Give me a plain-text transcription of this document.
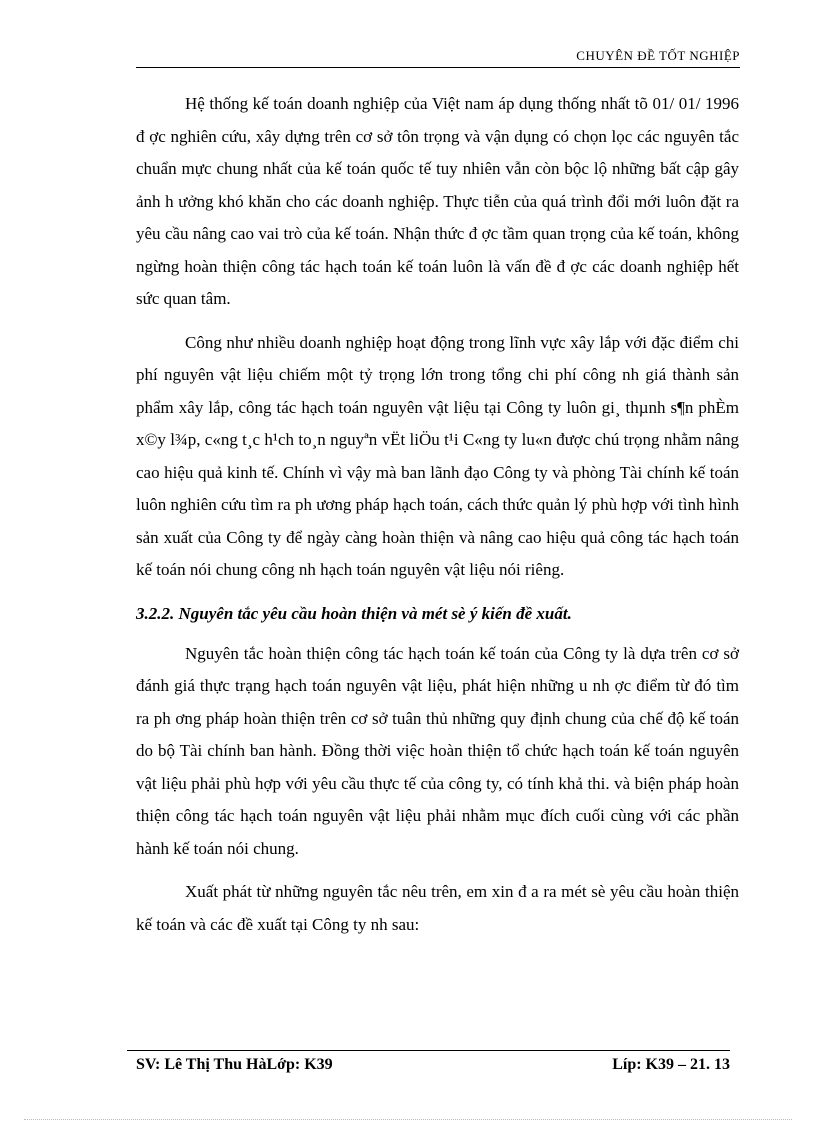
CHUYÊN ĐỀ TỐT NGHIỆP

Hệ thống kế toán doanh nghiệp của Việt nam áp dụng thống nhất tõ 01/ 01/ 1996 đ ợc nghiên cứu, xây dựng trên cơ sở tôn trọng và vận dụng có chọn lọc các nguyên tắc chuẩn mực chung nhất của kế toán quốc tế tuy nhiên vẫn còn bộc lộ những bất cập gây ảnh h ưởng khó khăn cho các doanh nghiệp. Thực tiễn của quá trình đổi mới luôn đặt ra yêu cầu nâng cao vai trò của kế toán. Nhận thức đ ợc tầm quan trọng của kế toán, không ngừng hoàn thiện công tác hạch toán kế toán luôn là vấn đề đ ợc các doanh nghiệp hết sức quan tâm.

Công như nhiều doanh nghiệp hoạt động trong lĩnh vực xây lắp với đặc điểm chi phí nguyên vật liệu chiếm một tỷ trọng lớn trong tổng chi phí công nh giá thành sản phẩm xây lắp, công tác hạch toán nguyên vật liệu tại Công ty luôn gi¸ thµnh s¶n phÈm x©y l¾p, c«ng t¸c h¹ch to¸n nguyªn vËt liÖu t¹i C«ng ty lu«n được chú trọng nhằm nâng cao hiệu quả kinh tế. Chính vì vậy mà ban lãnh đạo Công ty và phòng Tài chính kế toán luôn nghiên cứu tìm ra ph ương pháp hạch toán, cách thức quản lý phù hợp với tình hình sản xuất của Công ty để ngày càng hoàn thiện và nâng cao hiệu quả công tác hạch toán kế toán nói chung công nh hạch toán nguyên vật liệu nói riêng.

3.2.2. Nguyên tắc yêu cầu hoàn thiện và mét sè ý kiến đề xuất.

Nguyên tắc hoàn thiện công tác hạch toán kế toán của Công ty là dựa trên cơ sở đánh giá thực trạng hạch toán nguyên vật liệu, phát hiện những u nh ợc điểm từ đó tìm ra ph ơng pháp hoàn thiện trên cơ sở tuân thủ những quy định chung của chế độ kế toán do bộ Tài chính ban hành. Đồng thời việc hoàn thiện tổ chức hạch toán kế toán nguyên vật liệu phải phù hợp với yêu cầu thực tế của công ty, có tính khả thi. và biện pháp hoàn thiện công tác hạch toán nguyên vật liệu phải nhằm mục đích cuối cùng với các phần hành kế toán nói chung.

Xuất phát từ những nguyên tắc nêu trên, em xin đ a ra mét sè yêu cầu hoàn thiện kế toán và các đề xuất tại Công ty nh sau:

SV: Lê Thị Thu HàLớp: K39	Líp: K39 – 21. 13
